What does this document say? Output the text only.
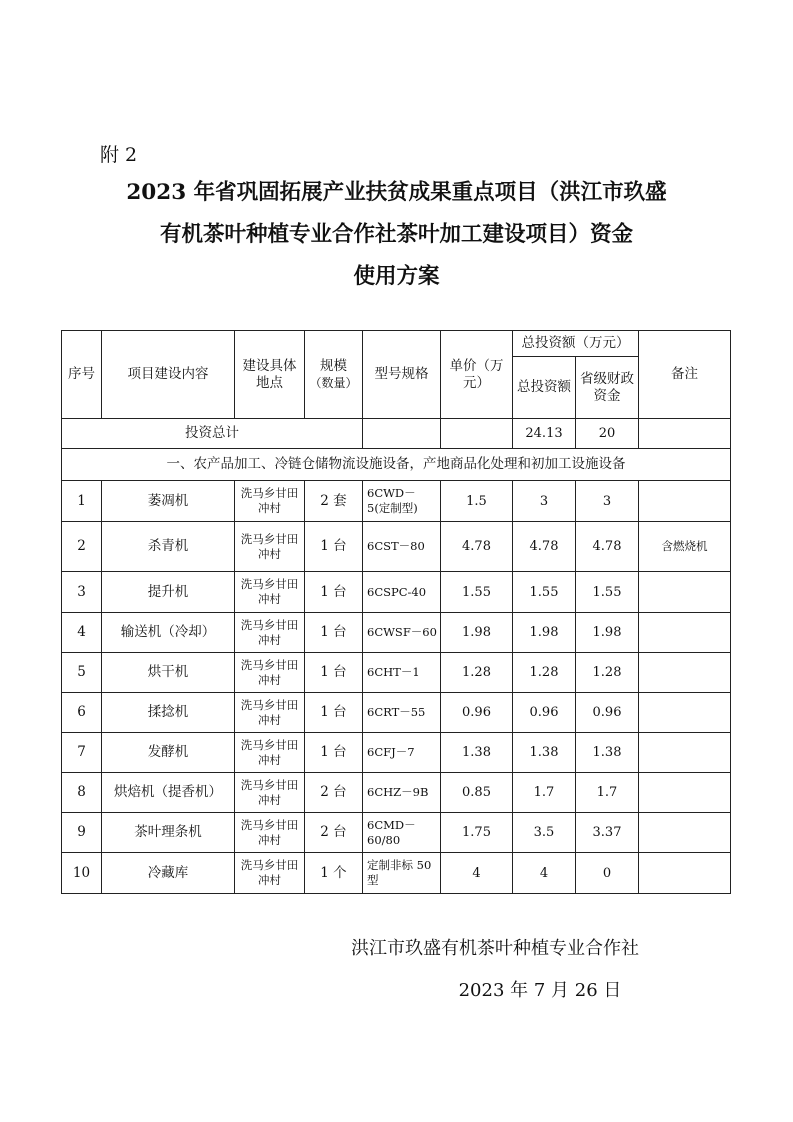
附 2
2023 年省巩固拓展产业扶贫成果重点项目（洪江市玖盛
有机茶叶种植专业合作社茶叶加工建设项目）资金
使用方案
序号	项目建设内容	建设具体地点	规模
（数量）	型号规格	单价（万元）	总投资额（万元）		备注
						总投资额	省级财政资金	
投资总计						24.13	20	
一、农产品加工、冷链仓储物流设施设备，产地商品化处理和初加工设施设备								
1	萎凋机	洗马乡甘田冲村	2 套	6CWD－5(定制型)	1.5	3	3	
2	杀青机	洗马乡甘田冲村	1 台	6CST－80	4.78	4.78	4.78	含燃烧机
3	提升机	洗马乡甘田冲村	1 台	6CSPC-40	1.55	1.55	1.55	
4	输送机（冷却）	洗马乡甘田冲村	1 台	6CWSF－60	1.98	1.98	1.98	
5	烘干机	洗马乡甘田冲村	1 台	6CHT－1	1.28	1.28	1.28	
6	揉捻机	洗马乡甘田冲村	1 台	6CRT－55	0.96	0.96	0.96	
7	发酵机	洗马乡甘田冲村	1 台	6CFJ－7	1.38	1.38	1.38	
8	烘焙机（提香机）	洗马乡甘田冲村	2 台	6CHZ－9B	0.85	1.7	1.7	
9	茶叶理条机	洗马乡甘田冲村	2 台	6CMD－60/80	1.75	3.5	3.37	
10	冷藏库	洗马乡甘田冲村	1 个	定制非标 50 型	4	4	0	
洪江市玖盛有机茶叶种植专业合作社
2023 年 7 月 26 日
